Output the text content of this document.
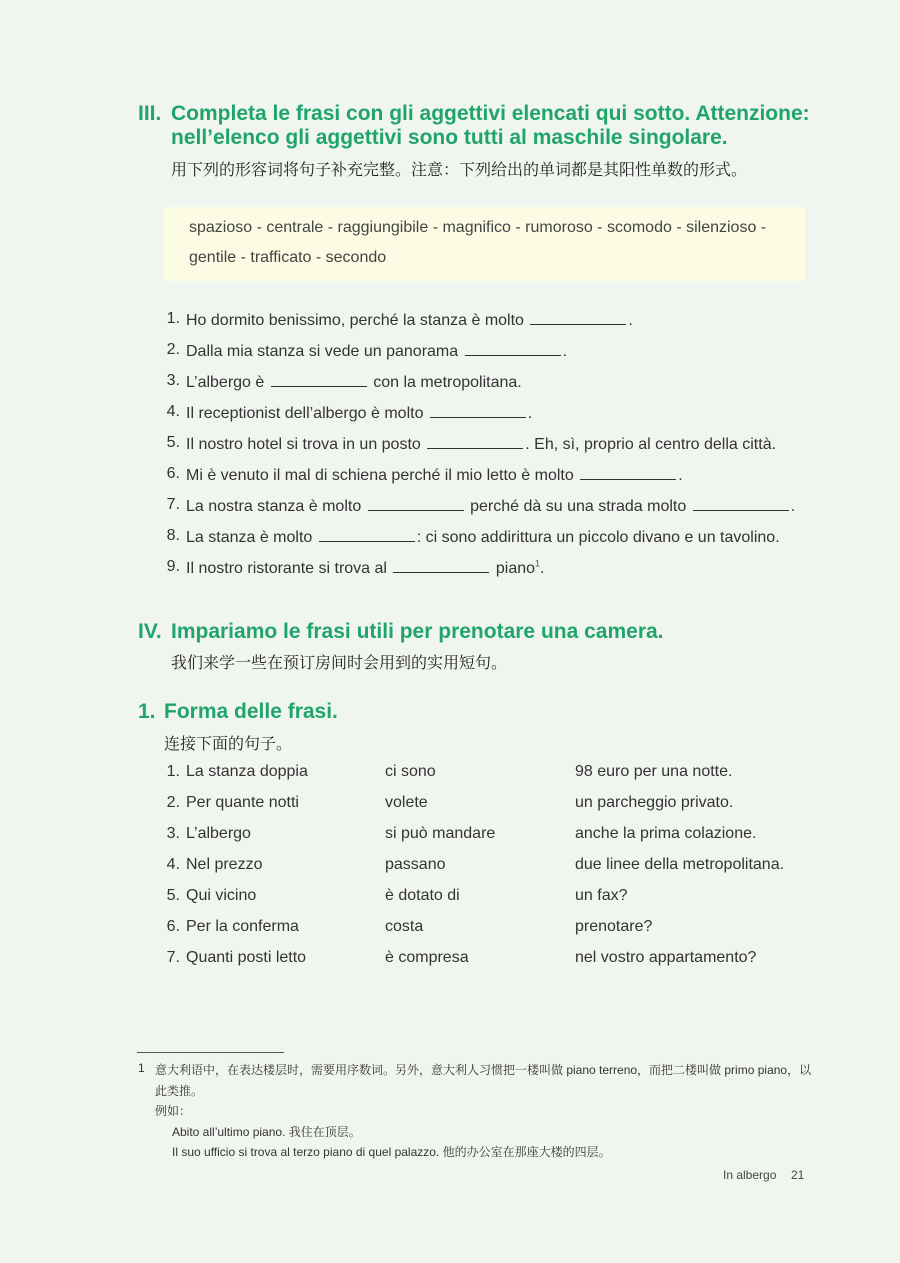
III. Completa le frasi con gli aggettivi elencati qui sotto. Attenzione:
nell’elenco gli aggettivi sono tutti al maschile singolare.
用下列的形容词将句子补充完整。注意：下列给出的单词都是其阳性单数的形式。
spazioso - centrale - raggiungibile - magnifico - rumoroso - scomodo - silenzioso -
gentile - trafficato - secondo
1. Ho dormito benissimo, perché la stanza è molto	.
2. Dalla mia stanza si vede un panorama	.
3. L’albergo è	con la metropolitana.
4. Il receptionist dell’albergo è molto	.
5. Il nostro hotel si trova in un posto	. Eh, sì, proprio al centro della città.
6. Mi è venuto il mal di schiena perché il mio letto è molto	.
7. La nostra stanza è molto	perché dà su una strada molto	.
8. La stanza è molto	: ci sono addirittura un piccolo divano e un tavolino.
9. Il nostro ristorante si trova al	piano$^1$.
IV. Impariamo le frasi utili per prenotare una camera.
我们来学一些在预订房间时会用到的实用短句。
1. Forma delle frasi.
连接下面的句子。
1. La stanza doppia	ci sono	98 euro per una notte.
2. Per quante notti	volete	un parcheggio privato.
3. L’albergo	si può mandare	anche la prima colazione.
4. Nel prezzo	passano	due linee della metropolitana.
5. Qui vicino	è dotato di	un fax?
6. Per la conferma	costa	prenotare?
7. Quanti posti letto	è compresa	nel vostro appartamento?
1 意大利语中，在表达楼层时，需要用序数词。另外，意大利人习惯把一楼叫做 piano terreno，而把二楼叫做 primo piano，以
此类推。
例如：
Abito all’ultimo piano. 我住在顶层。
Il suo ufficio si trova al terzo piano di quel palazzo. 他的办公室在那座大楼的四层。
In albergo 21
